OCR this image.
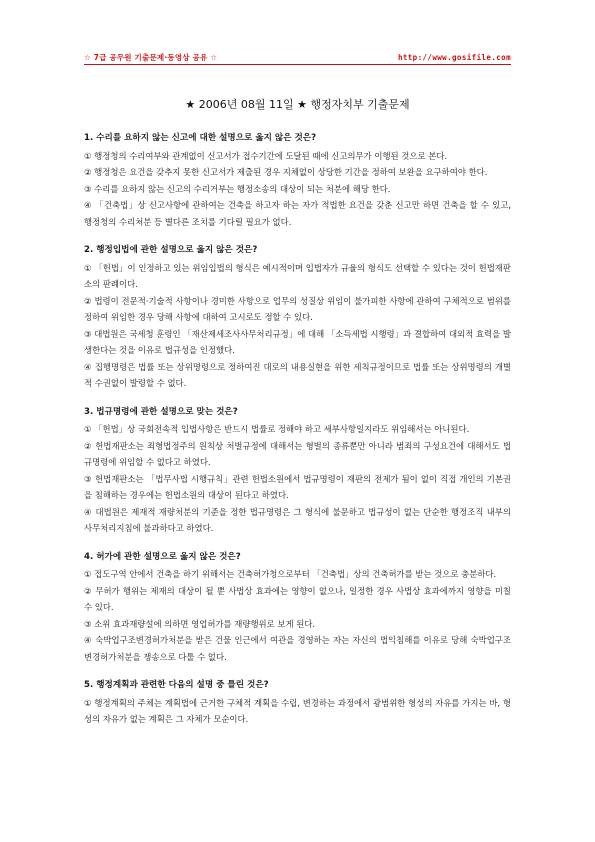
☆ 7급 공무원 기출문제·동영상 공유 ☆	http://www.gosifile.com
★ 2006년 08월 11일 ★ 행정자치부 기출문제
1. 수리를 요하지 않는 신고에 대한 설명으로 옳지 않은 것은?
① 행정청의 수리여부와 관계없이 신고서가 접수기간에 도달된 때에 신고의무가 이행된 것으로 본다.
② 행정청은 요건을 갖추지 못한 신고서가 제출된 경우 지체없이 상당한 기간을 정하여 보완을 요구하여야 한다.
③ 수리를 요하지 않는 신고의 수리거부는 행정소송의 대상이 되는 처분에 해당 한다.
④ 「건축법」상 신고사항에 관하여는 건축을 하고자 하는 자가 적법한 요건을 갖춘 신고만 하면 건축을 할 수 있고, 행정청의 수리처분 등 별다른 조치를 기다릴 필요가 없다.
2. 행정입법에 관한 설명으로 옳지 않은 것은?
① 「헌법」이 인정하고 있는 위임입법의 형식은 예시적이며 입법자가 규율의 형식도 선택할 수 있다는 것이 헌법재판소의 판례이다.
② 법령이 전문적·기술적 사항이나 경미한 사항으로 업무의 성질상 위임이 불가피한 사항에 관하여 구체적으로 범위를 정하여 위임한 경우 당해 사항에 대하여 고시로도 정할 수 있다.
③ 대법원은 국세청 훈령인 「재산제세조사사무처리규정」에 대해 「소득세법 시행령」과 결합하여 대외적 효력을 발생한다는 것을 이유로 법규성을 인정했다.
④ 집행명령은 법률 또는 상위명령으로 정하여진 대로의 내용실현을 위한 세칙규정이므로 법률 또는 상위명령의 개별적 수권없이 발령할 수 없다.
3. 법규명령에 관한 설명으로 맞는 것은?
① 「헌법」상 국회전속적 입법사항은 반드시 법률로 정해야 하고 세부사항일지라도 위임해서는 아니된다.
② 헌법재판소는 죄형법정주의 원칙상 처벌규정에 대해서는 형벌의 종류뿐만 아니라 범죄의 구성요건에 대해서도 법규명령에 위임할 수 없다고 하였다.
③ 헌법재판소는 「법무사법 시행규칙」관련 헌법소원에서 법규명령이 재판의 전제가 됨이 없이 직접 개인의 기본권을 침해하는 경우에는 헌법소원의 대상이 된다고 하였다.
④ 대법원은 제재적 재량처분의 기준을 정한 법규명령은 그 형식에 불문하고 법규성이 없는 단순한 행정조직 내부의 사무처리지침에 불과하다고 하였다.
4. 허가에 관한 설명으로 옳지 않은 것은?
① 접도구역 안에서 건축을 하기 위해서는 건축허가청으로부터 「건축법」상의 건축허가를 받는 것으로 충분하다.
② 무허가 행위는 제재의 대상이 될 뿐 사법상 효과에는 영향이 없으나, 일정한 경우 사법상 효과에까지 영향을 미칠 수 있다.
③ 소위 효과재량설에 의하면 영업허가를 재량행위로 보게 된다.
④ 숙박업구조변경허가처분을 받은 건물 인근에서 여관을 경영하는 자는 자신의 법익침해를 이유로 당해 숙박업구조변경허가처분을 쟁송으로 다툴 수 없다.
5. 행정계획과 관련한 다음의 설명 중 틀린 것은?
① 행정계획의 주체는 계획법에 근거한 구체적 계획을 수립, 변경하는 과정에서 광범위한 형성의 자유를 가지는 바, 형성의 자유가 없는 계획은 그 자체가 모순이다.
